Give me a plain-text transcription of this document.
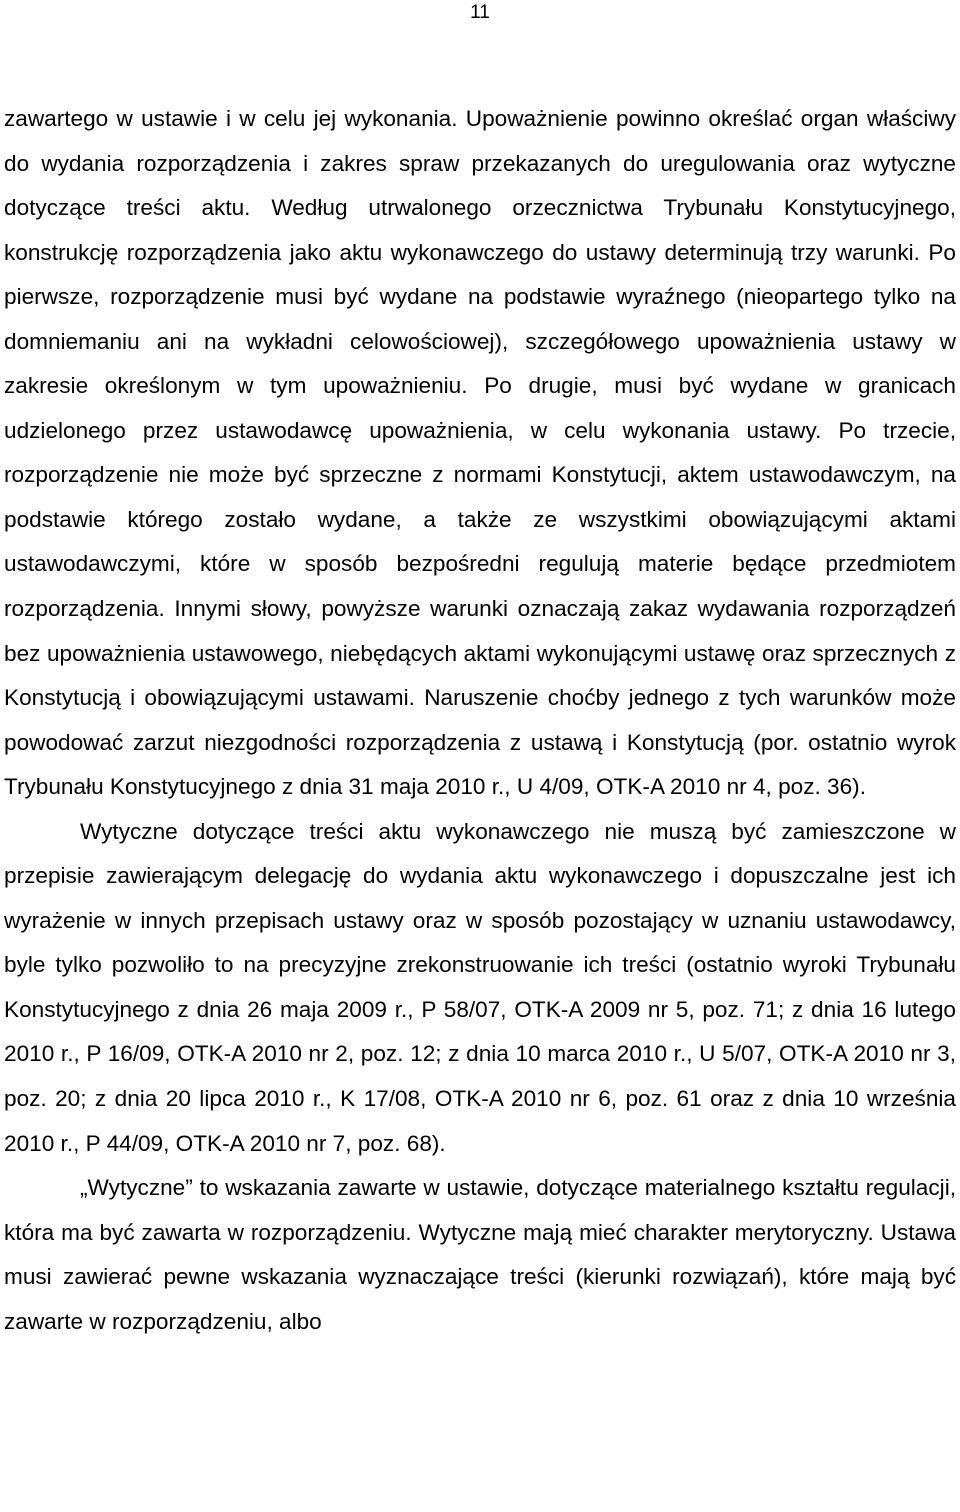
11

zawartego w ustawie i w celu jej wykonania. Upoważnienie powinno określać organ właściwy do wydania rozporządzenia i zakres spraw przekazanych do uregulowania oraz wytyczne dotyczące treści aktu. Według utrwalonego orzecznictwa Trybunału Konstytucyjnego, konstrukcję rozporządzenia jako aktu wykonawczego do ustawy determinują trzy warunki. Po pierwsze, rozporządzenie musi być wydane na podstawie wyraźnego (nieopartego tylko na domniemaniu ani na wykładni celowościowej), szczegółowego upoważnienia ustawy w zakresie określonym w tym upoważnieniu. Po drugie, musi być wydane w granicach udzielonego przez ustawodawcę upoważnienia, w celu wykonania ustawy. Po trzecie, rozporządzenie nie może być sprzeczne z normami Konstytucji, aktem ustawodawczym, na podstawie którego zostało wydane, a także ze wszystkimi obowiązującymi aktami ustawodawczymi, które w sposób bezpośredni regulują materie będące przedmiotem rozporządzenia. Innymi słowy, powyższe warunki oznaczają zakaz wydawania rozporządzeń bez upoważnienia ustawowego, niebędących aktami wykonującymi ustawę oraz sprzecznych z Konstytucją i obowiązującymi ustawami. Naruszenie choćby jednego z tych warunków może powodować zarzut niezgodności rozporządzenia z ustawą i Konstytucją (por. ostatnio wyrok Trybunału Konstytucyjnego z dnia 31 maja 2010 r., U 4/09, OTK-A 2010 nr 4, poz. 36).

Wytyczne dotyczące treści aktu wykonawczego nie muszą być zamieszczone w przepisie zawierającym delegację do wydania aktu wykonawczego i dopuszczalne jest ich wyrażenie w innych przepisach ustawy oraz w sposób pozostający w uznaniu ustawodawcy, byle tylko pozwoliło to na precyzyjne zrekonstruowanie ich treści (ostatnio wyroki Trybunału Konstytucyjnego z dnia 26 maja 2009 r., P 58/07, OTK-A 2009 nr 5, poz. 71; z dnia 16 lutego 2010 r., P 16/09, OTK-A 2010 nr 2, poz. 12; z dnia 10 marca 2010 r., U 5/07, OTK-A 2010 nr 3, poz. 20; z dnia 20 lipca 2010 r., K 17/08, OTK-A 2010 nr 6, poz. 61 oraz z dnia 10 września 2010 r., P 44/09, OTK-A 2010 nr 7, poz. 68).

„Wytyczne” to wskazania zawarte w ustawie, dotyczące materialnego kształtu regulacji, która ma być zawarta w rozporządzeniu. Wytyczne mają mieć charakter merytoryczny. Ustawa musi zawierać pewne wskazania wyznaczające treści (kierunki rozwiązań), które mają być zawarte w rozporządzeniu, albo
